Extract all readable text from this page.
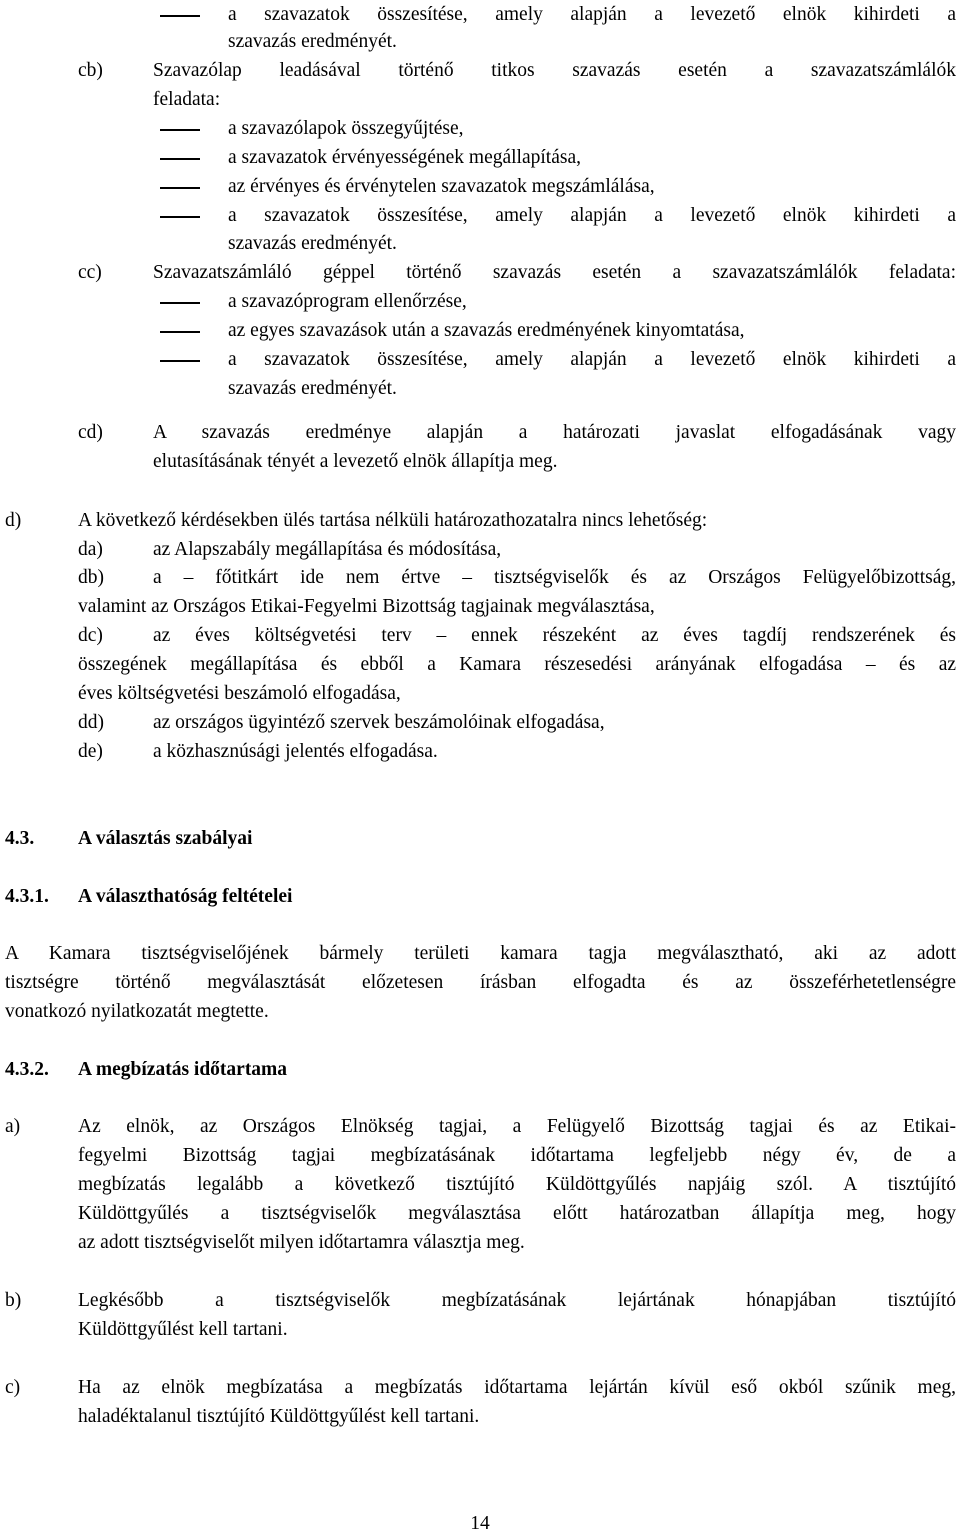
a szavazatok összesítése, amely alapján a levezető elnök kihirdeti a
szavazás eredményét.
cb)	Szavazólap leadásával történő titkos szavazás esetén a szavazatszámlálók
feladata:
a szavazólapok összegyűjtése,
a szavazatok érvényességének megállapítása,
az érvényes és érvénytelen szavazatok megszámlálása,
a szavazatok összesítése, amely alapján a levezető elnök kihirdeti a
szavazás eredményét.
cc)	Szavazatszámláló géppel történő szavazás esetén a szavazatszámlálók feladata:
a szavazóprogram ellenőrzése,
az egyes szavazások után a szavazás eredményének kinyomtatása,
a szavazatok összesítése, amely alapján a levezető elnök kihirdeti a
szavazás eredményét.
cd)	A szavazás eredménye alapján a határozati javaslat elfogadásának vagy
elutasításának tényét a levezető elnök állapítja meg.
d)	A következő kérdésekben ülés tartása nélküli határozathozatalra nincs lehetőség:
da)	az Alapszabály megállapítása és módosítása,
db)	a – főtitkárt ide nem értve – tisztségviselők és az Országos Felügyelőbizottság,
valamint az Országos Etikai-Fegyelmi Bizottság tagjainak megválasztása,
dc)	az éves költségvetési terv – ennek részeként az éves tagdíj rendszerének és
összegének megállapítása és ebből a Kamara részesedési arányának elfogadása – és az
éves költségvetési beszámoló elfogadása,
dd)	az országos ügyintéző szervek beszámolóinak elfogadása,
de)	a közhasznúsági jelentés elfogadása.
4.3. A választás szabályai
4.3.1. A választhatóság feltételei
A Kamara tisztségviselőjének bármely területi kamara tagja megválasztható, aki az adott
tisztségre történő megválasztását előzetesen írásban elfogadta és az összeférhetetlenségre
vonatkozó nyilatkozatát megtette.
4.3.2. A megbízatás időtartama
a)	Az elnök, az Országos Elnökség tagjai, a Felügyelő Bizottság tagjai és az Etikai-
fegyelmi Bizottság tagjai megbízatásának időtartama legfeljebb négy év, de a
megbízatás legalább a következő tisztújító Küldöttgyűlés napjáig szól. A tisztújító
Küldöttgyűlés a tisztségviselők megválasztása előtt határozatban állapítja meg, hogy
az adott tisztségviselőt milyen időtartamra választja meg.
b)	Legkésőbb a tisztségviselők megbízatásának lejártának hónapjában tisztújító
Küldöttgyűlést kell tartani.
c)	Ha az elnök megbízatása a megbízatás időtartama lejártán kívül eső okból szűnik meg,
haladéktalanul tisztújító Küldöttgyűlést kell tartani.
14
